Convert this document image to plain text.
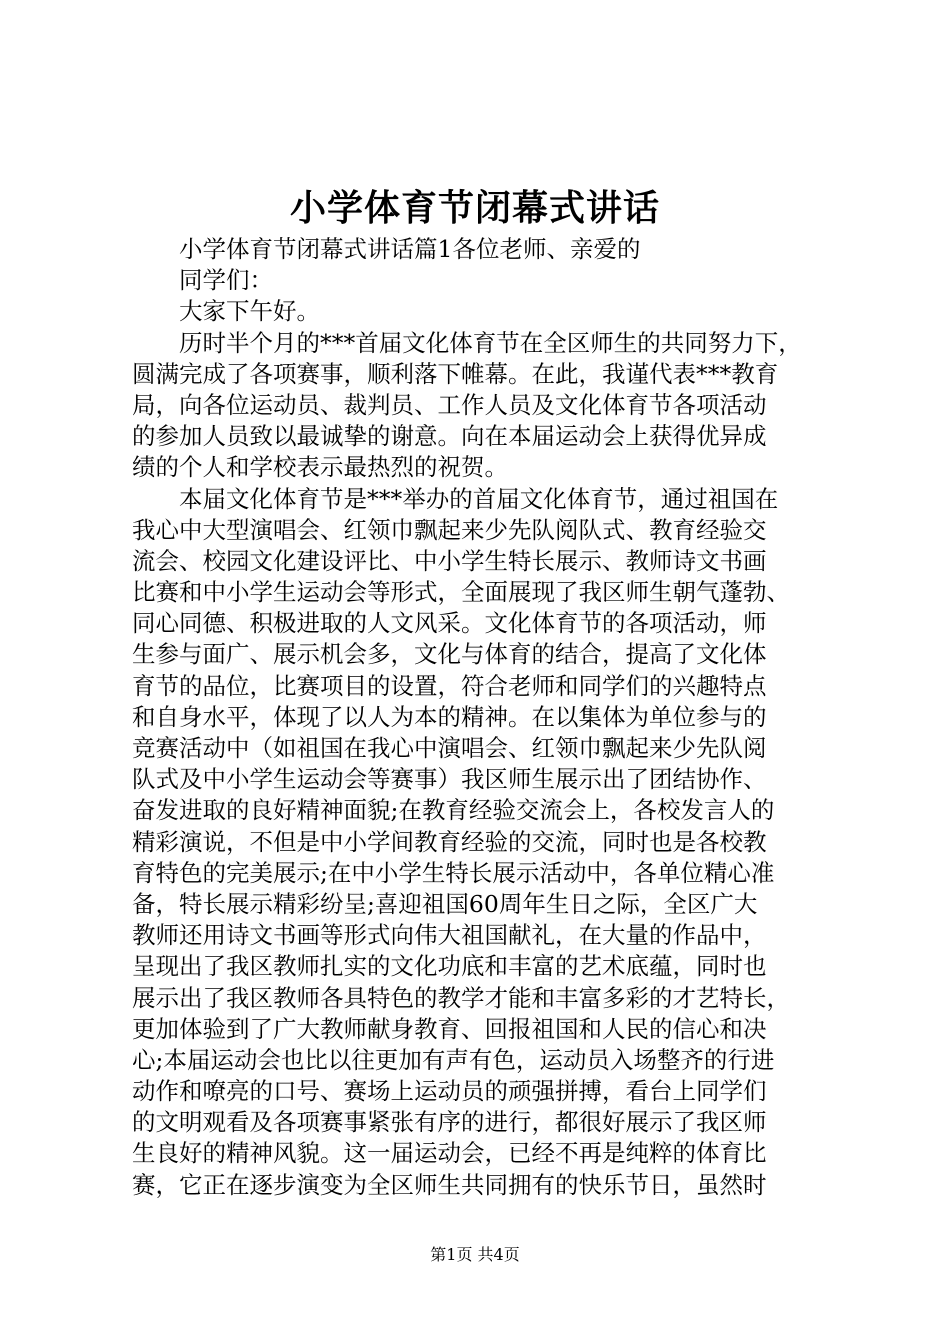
小学体育节闭幕式讲话
小学体育节闭幕式讲话篇1各位老师、亲爱的
同学们：
大家下午好。
历时半个月的***首届文化体育节在全区师生的共同努力下，
圆满完成了各项赛事，顺利落下帷幕。在此，我谨代表***教育
局，向各位运动员、裁判员、工作人员及文化体育节各项活动
的参加人员致以最诚挚的谢意。向在本届运动会上获得优异成
绩的个人和学校表示最热烈的祝贺。
本届文化体育节是***举办的首届文化体育节，通过祖国在
我心中大型演唱会、红领巾飘起来少先队阅队式、教育经验交
流会、校园文化建设评比、中小学生特长展示、教师诗文书画
比赛和中小学生运动会等形式，全面展现了我区师生朝气蓬勃、
同心同德、积极进取的人文风采。文化体育节的各项活动，师
生参与面广、展示机会多，文化与体育的结合，提高了文化体
育节的品位，比赛项目的设置，符合老师和同学们的兴趣特点
和自身水平，体现了以人为本的精神。在以集体为单位参与的
竞赛活动中（如祖国在我心中演唱会、红领巾飘起来少先队阅
队式及中小学生运动会等赛事）我区师生展示出了团结协作、
奋发进取的良好精神面貌;在教育经验交流会上，各校发言人的
精彩演说，不但是中小学间教育经验的交流，同时也是各校教
育特色的完美展示;在中小学生特长展示活动中，各单位精心准
备，特长展示精彩纷呈;喜迎祖国60周年生日之际，全区广大
教师还用诗文书画等形式向伟大祖国献礼，在大量的作品中，
呈现出了我区教师扎实的文化功底和丰富的艺术底蕴，同时也
展示出了我区教师各具特色的教学才能和丰富多彩的才艺特长，
更加体验到了广大教师献身教育、回报祖国和人民的信心和决
心;本届运动会也比以往更加有声有色，运动员入场整齐的行进
动作和嘹亮的口号、赛场上运动员的顽强拼搏，看台上同学们
的文明观看及各项赛事紧张有序的进行，都很好展示了我区师
生良好的精神风貌。这一届运动会，已经不再是纯粹的体育比
赛，它正在逐步演变为全区师生共同拥有的快乐节日，虽然时
第1页 共4页
